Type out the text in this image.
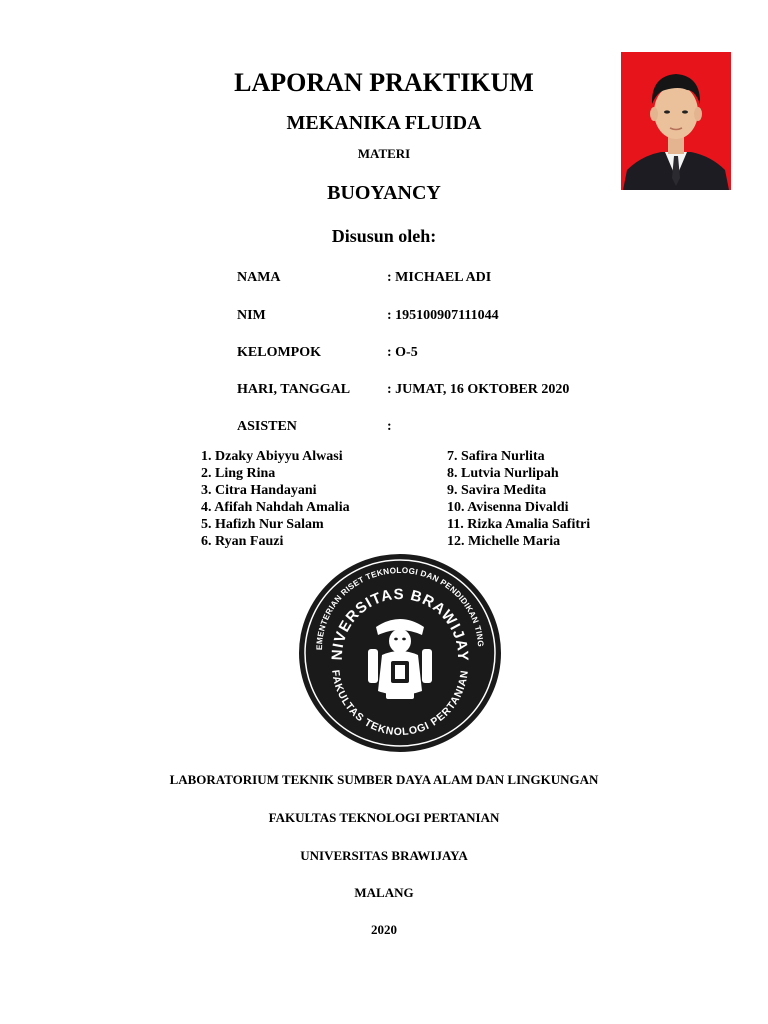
LAPORAN PRAKTIKUM
MEKANIKA FLUIDA
MATERI
BUOYANCY
Disusun oleh:
NAMA	: MICHAEL ADI
NIM	: 195100907111044
KELOMPOK	: O-5
HARI, TANGGAL	: JUMAT, 16 OKTOBER 2020
ASISTEN	:
1. Dzaky Abiyyu Alwasi
2. Ling Rina
3. Citra Handayani
4. Afifah Nahdah Amalia
5. Hafizh Nur Salam
6. Ryan Fauzi
7. Safira Nurlita
8. Lutvia Nurlipah
9. Savira Medita
10. Avisenna Divaldi
11. Rizka Amalia Safitri
12. Michelle Maria
EMENTERIAN RISET TEKNOLOGI DAN PENDIDIKAN TING
NIVERSITAS BRAWIJAY
FAKULTAS TEKNOLOGI PERTANIAN
LABORATORIUM TEKNIK SUMBER DAYA ALAM DAN LINGKUNGAN
FAKULTAS TEKNOLOGI PERTANIAN
UNIVERSITAS BRAWIJAYA
MALANG
2020
